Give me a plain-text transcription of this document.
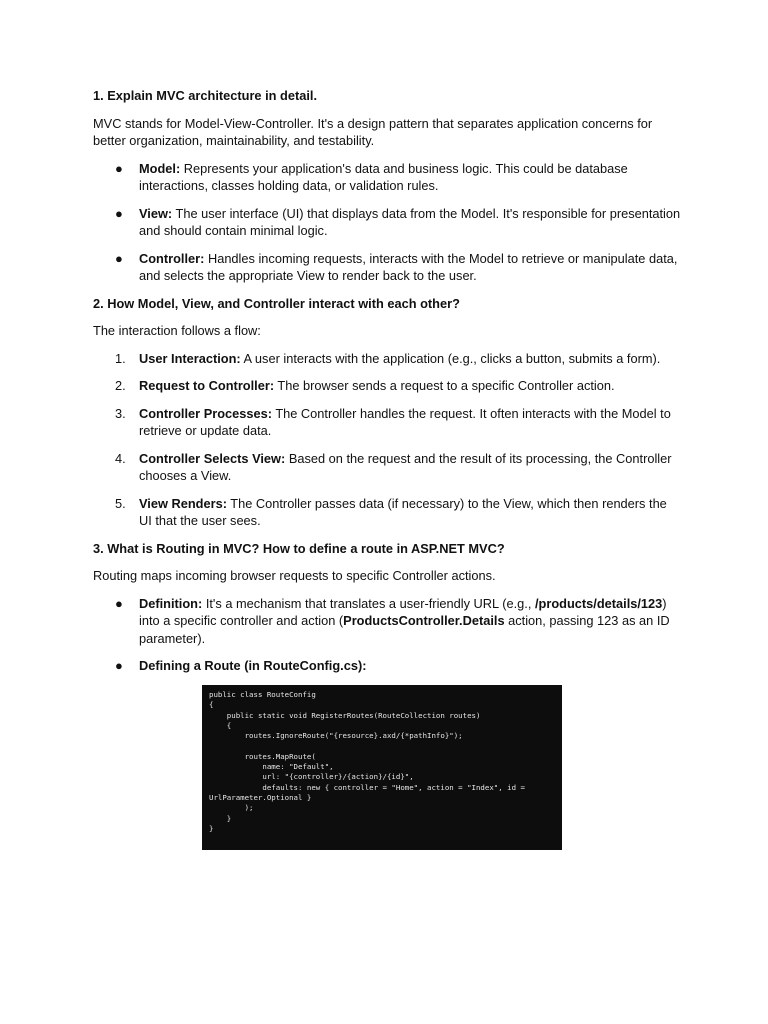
1. Explain MVC architecture in detail.
MVC stands for Model-View-Controller. It's a design pattern that separates application concerns for better organization, maintainability, and testability.
● Model: Represents your application's data and business logic. This could be database interactions, classes holding data, or validation rules.
● View: The user interface (UI) that displays data from the Model. It's responsible for presentation and should contain minimal logic.
● Controller: Handles incoming requests, interacts with the Model to retrieve or manipulate data, and selects the appropriate View to render back to the user.
2. How Model, View, and Controller interact with each other?
The interaction follows a flow:
1. User Interaction: A user interacts with the application (e.g., clicks a button, submits a form).
2. Request to Controller: The browser sends a request to a specific Controller action.
3. Controller Processes: The Controller handles the request. It often interacts with the Model to retrieve or update data.
4. Controller Selects View: Based on the request and the result of its processing, the Controller chooses a View.
5. View Renders: The Controller passes data (if necessary) to the View, which then renders the UI that the user sees.
3. What is Routing in MVC? How to define a route in ASP.NET MVC?
Routing maps incoming browser requests to specific Controller actions.
● Definition: It's a mechanism that translates a user-friendly URL (e.g., /products/details/123) into a specific controller and action (ProductsController.Details action, passing 123 as an ID parameter).
● Defining a Route (in RouteConfig.cs):
public class RouteConfig
{
public static void RegisterRoutes(RouteCollection routes)
{
routes.IgnoreRoute("{resource}.axd/{*pathInfo}");

routes.MapRoute(
name: "Default",
url: "{controller}/{action}/{id}",
defaults: new { controller = "Home", action = "Index", id =
UrlParameter.Optional }
);
}
}
